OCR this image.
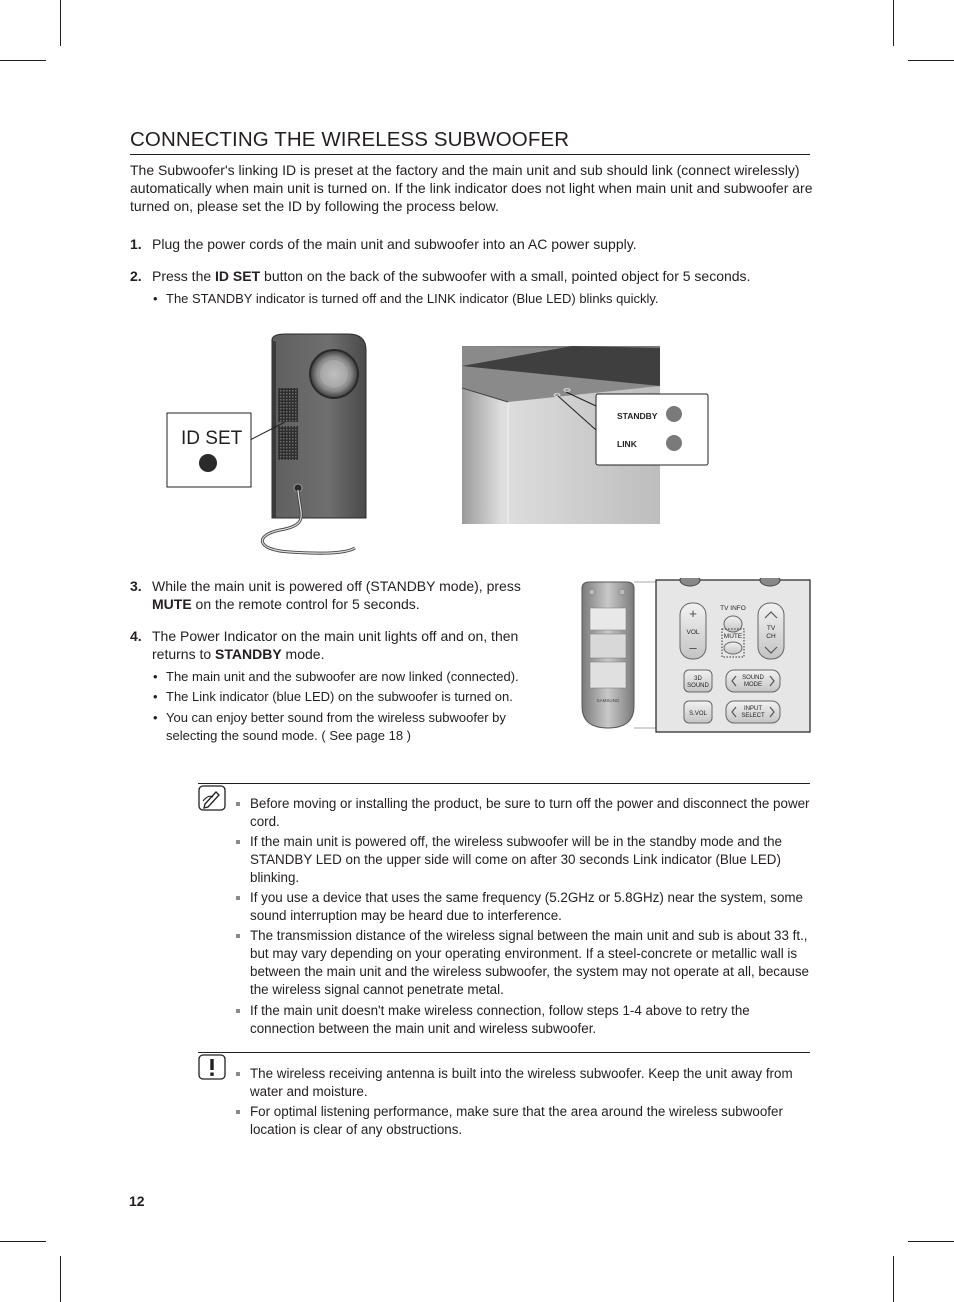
CONNECTING THE WIRELESS SUBWOOFER

The Subwoofer's linking ID is preset at the factory and the main unit and sub should link (connect wirelessly) automatically when main unit is turned on. If the link indicator does not light when main unit and subwoofer are turned on, please set the ID by following the process below.

1. Plug the power cords of the main unit and subwoofer into an AC power supply.
2. Press the ID SET button on the back of the subwoofer with a small, pointed object for 5 seconds.
• The STANDBY indicator is turned off and the LINK indicator (Blue LED) blinks quickly.
ID SET
STANDBY
LINK
3. While the main unit is powered off (STANDBY mode), press MUTE on the remote control for 5 seconds.
4. The Power Indicator on the main unit lights off and on, then returns to STANDBY mode.
• The main unit and the subwoofer are now linked (connected).
• The Link indicator (blue LED) on the subwoofer is turned on.
• You can enjoy better sound from the wireless subwoofer by selecting the sound mode. ( See page 18 )
SAMSUNG
TV INFO
+
VOL
–
TV
CH
MUTE
3D
SOUND
SOUND
MODE
S.VOL
INPUT
SELECT
Before moving or installing the product, be sure to turn off the power and disconnect the power cord.
If the main unit is powered off, the wireless subwoofer will be in the standby mode and the STANDBY LED on the upper side will come on after 30 seconds Link indicator (Blue LED) blinking.
If you use a device that uses the same frequency (5.2GHz or 5.8GHz) near the system, some sound interruption may be heard due to interference.
The transmission distance of the wireless signal between the main unit and sub is about 33 ft., but may vary depending on your operating environment. If a steel-concrete or metallic wall is between the main unit and the wireless subwoofer, the system may not operate at all, because the wireless signal cannot penetrate metal.
If the main unit doesn't make wireless connection, follow steps 1-4 above to retry the connection between the main unit and wireless subwoofer.
The wireless receiving antenna is built into the wireless subwoofer. Keep the unit away from water and moisture.
For optimal listening performance, make sure that the area around the wireless subwoofer location is clear of any obstructions.
12
